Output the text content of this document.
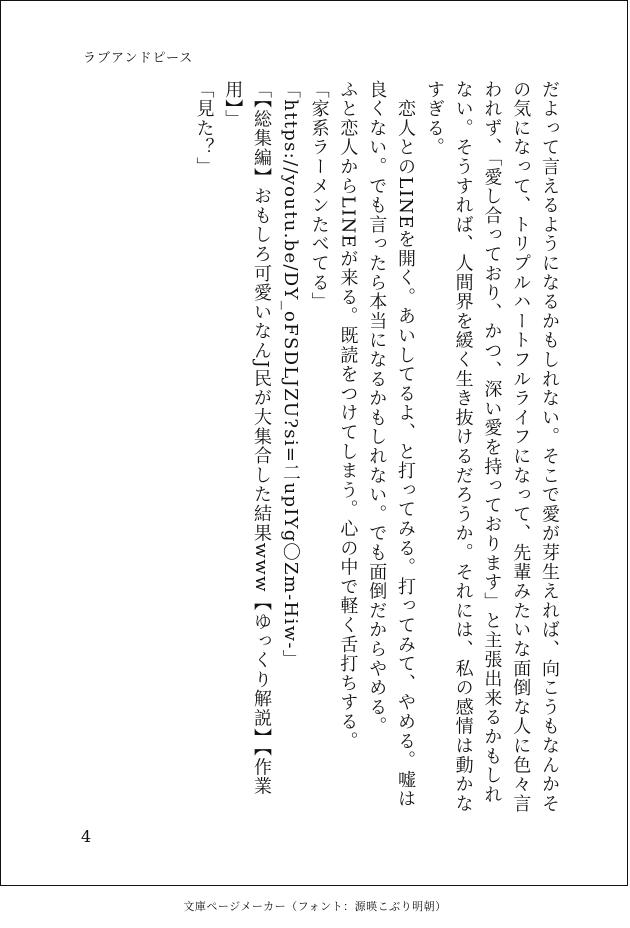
ラブアンドピース

だよって言えるようになるかもしれない。そこで愛が芽生えれば、向こうもなんかその気になって、トリプルハートフルライフになって、先輩みたいな面倒な人に色々言われず、「愛し合っており、かつ、深い愛を持っております」と主張出来るかもしれない。そうすれば、人間界を緩く生き抜けるだろうか。それには、私の感情は動かなすぎる。

　恋人とのLINEを開く。あいしてるよ、と打ってみる。打ってみて、やめる。嘘は良くない。でも言ったら本当になるかもしれない。でも面倒だからやめる。

ふと恋人からLINEが来る。既読をつけてしまう。心の中で軽く舌打ちする。

「家系ラーメンたべてる」

「https://youtu.be/DY_oFSDLJZU?si=二upIYg〇Zm-Hiw-」

「【総集編】おもしろ可愛いなんJ民が大集合した結果www【ゆっくり解説】【作業用】」

「見た？」

4
文庫ページメーカー（フォント：源暎こぶり明朝）
